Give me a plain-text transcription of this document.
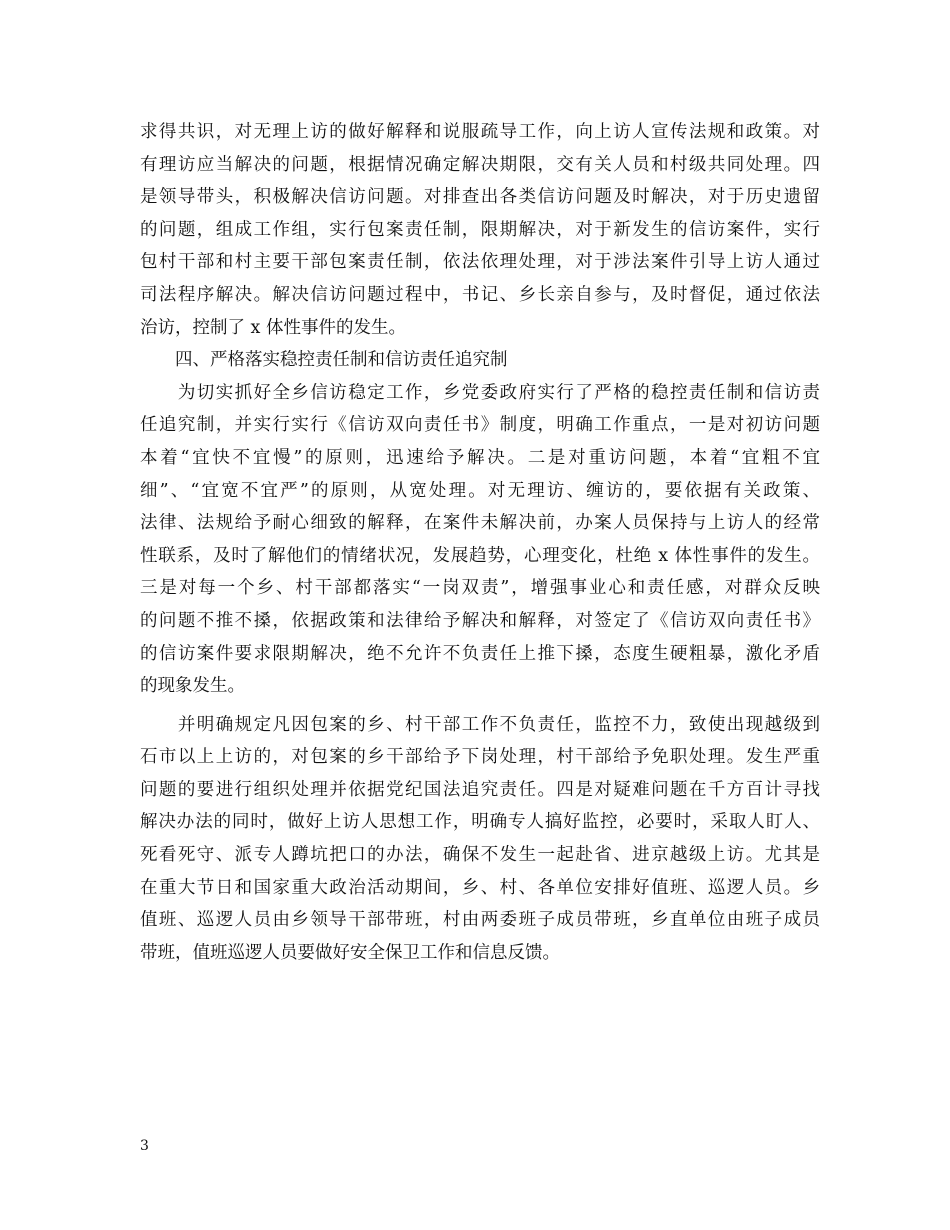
求得共识，对无理上访的做好解释和说服疏导工作，向上访人宣传法规和政策。对
有理访应当解决的问题，根据情况确定解决期限，交有关人员和村级共同处理。四
是领导带头，积极解决信访问题。对排查出各类信访问题及时解决，对于历史遗留
的问题，组成工作组，实行包案责任制，限期解决，对于新发生的信访案件，实行
包村干部和村主要干部包案责任制，依法依理处理，对于涉法案件引导上访人通过
司法程序解决。解决信访问题过程中，书记、乡长亲自参与，及时督促，通过依法
治访，控制了 x 体性事件的发生。
　　四、严格落实稳控责任制和信访责任追究制
　　为切实抓好全乡信访稳定工作，乡党委政府实行了严格的稳控责任制和信访责
任追究制，并实行实行《信访双向责任书》制度，明确工作重点，一是对初访问题
本着“宜快不宜慢”的原则，迅速给予解决。二是对重访问题，本着“宜粗不宜
细”、“宜宽不宜严”的原则，从宽处理。对无理访、缠访的，要依据有关政策、
法律、法规给予耐心细致的解释，在案件未解决前，办案人员保持与上访人的经常
性联系，及时了解他们的情绪状况，发展趋势，心理变化，杜绝 x 体性事件的发生。
三是对每一个乡、村干部都落实“一岗双责”，增强事业心和责任感，对群众反映
的问题不推不搡，依据政策和法律给予解决和解释，对签定了《信访双向责任书》
的信访案件要求限期解决，绝不允许不负责任上推下搡，态度生硬粗暴，激化矛盾
的现象发生。
　　并明确规定凡因包案的乡、村干部工作不负责任，监控不力，致使出现越级到
石市以上上访的，对包案的乡干部给予下岗处理，村干部给予免职处理。发生严重
问题的要进行组织处理并依据党纪国法追究责任。四是对疑难问题在千方百计寻找
解决办法的同时，做好上访人思想工作，明确专人搞好监控，必要时，采取人盯人、
死看死守、派专人蹲坑把口的办法，确保不发生一起赴省、进京越级上访。尤其是
在重大节日和国家重大政治活动期间，乡、村、各单位安排好值班、巡逻人员。乡
值班、巡逻人员由乡领导干部带班，村由两委班子成员带班，乡直单位由班子成员
带班，值班巡逻人员要做好安全保卫工作和信息反馈。
3
